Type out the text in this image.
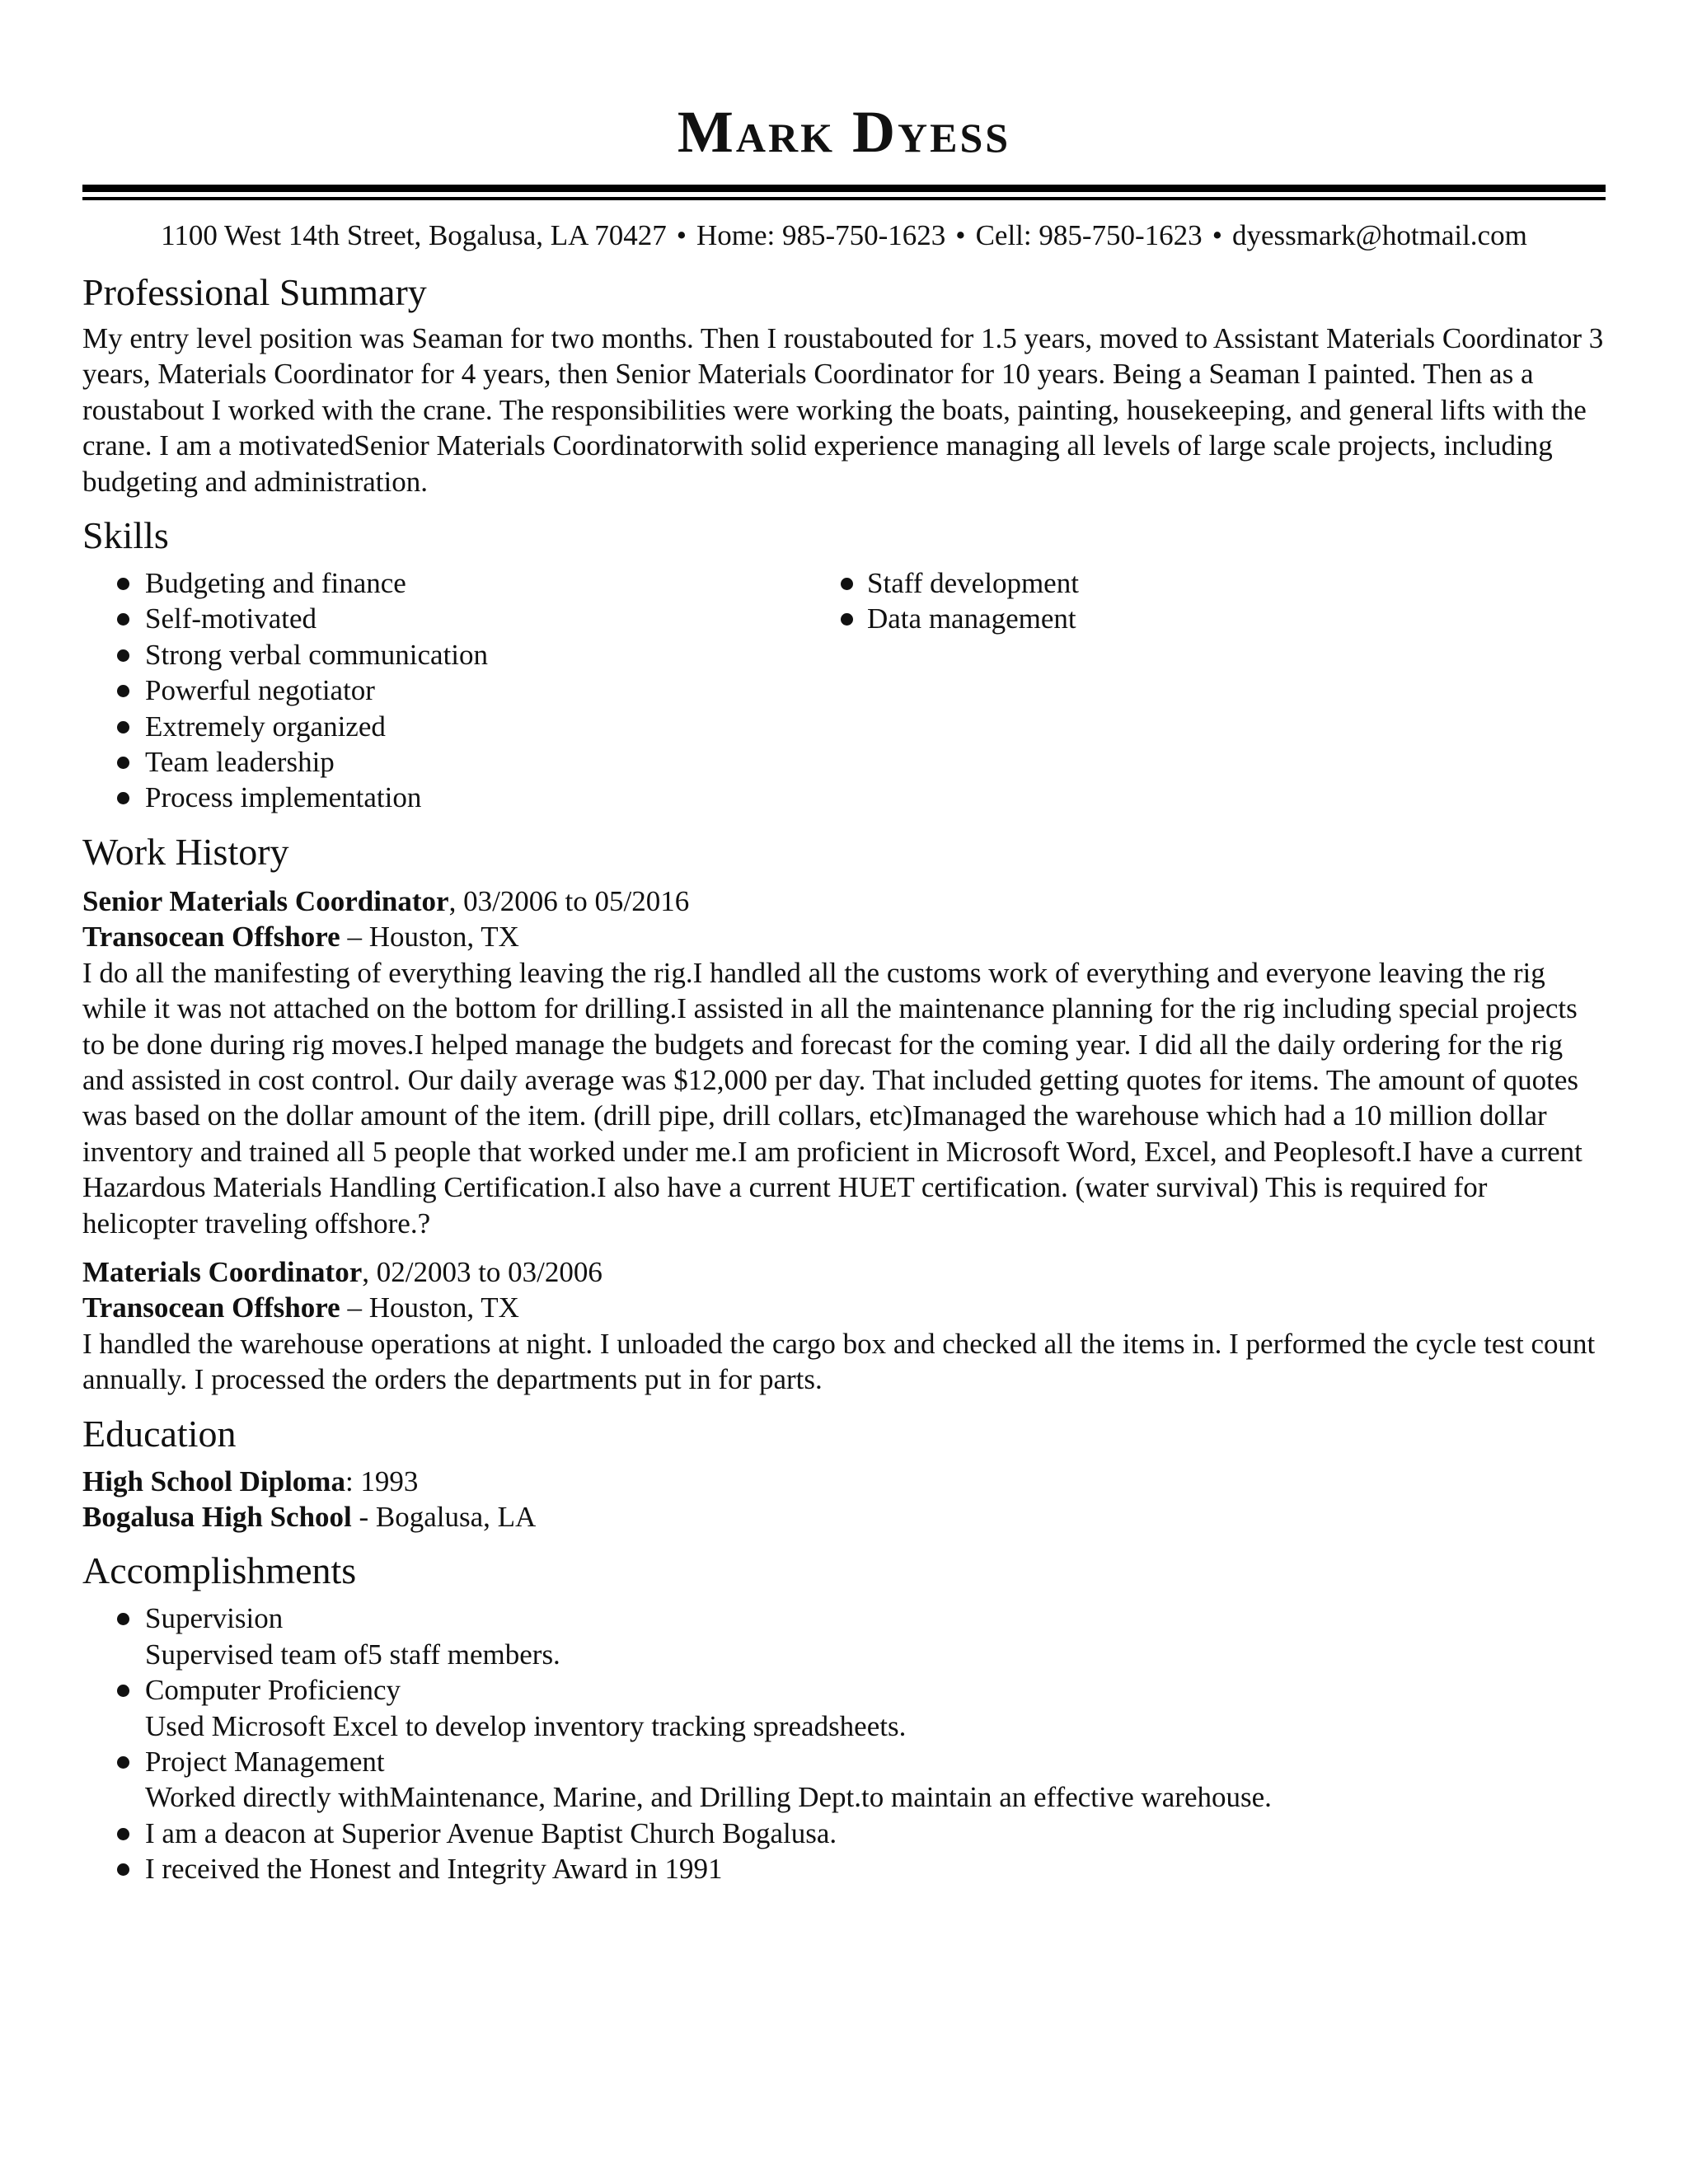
Mark Dyess
1100 West 14th Street, Bogalusa, LA 70427 • Home: 985-750-1623 • Cell: 985-750-1623 • dyessmark@hotmail.com
Professional Summary

My entry level position was Seaman for two months. Then I roustabouted for 1.5 years, moved to Assistant Materials Coordinator 3 years, Materials Coordinator for 4 years, then Senior Materials Coordinator for 10 years. Being a Seaman I painted. Then as a roustabout I worked with the crane. The responsibilities were working the boats, painting, housekeeping, and general lifts with the crane. I am a motivatedSenior Materials Coordinatorwith solid experience managing all levels of large scale projects, including budgeting and administration.

Skills
Budgeting and finance
Self-motivated
Strong verbal communication
Powerful negotiator
Extremely organized
Team leadership
Process implementation
Staff development
Data management
Work History
Senior Materials Coordinator, 03/2006 to 05/2016
Transocean Offshore – Houston, TX

I do all the manifesting of everything leaving the rig.I handled all the customs work of everything and everyone leaving the rig while it was not attached on the bottom for drilling.I assisted in all the maintenance planning for the rig including special projects to be done during rig moves.I helped manage the budgets and forecast for the coming year. I did all the daily ordering for the rig and assisted in cost control. Our daily average was $12,000 per day. That included getting quotes for items. The amount of quotes was based on the dollar amount of the item. (drill pipe, drill collars, etc)Imanaged the warehouse which had a 10 million dollar inventory and trained all 5 people that worked under me.I am proficient in Microsoft Word, Excel, and Peoplesoft.I have a current Hazardous Materials Handling Certification.I also have a current HUET certification. (water survival) This is required for helicopter traveling offshore.?

Materials Coordinator, 02/2003 to 03/2006
Transocean Offshore – Houston, TX

I handled the warehouse operations at night. I unloaded the cargo box and checked all the items in. I performed the cycle test count annually. I processed the orders the departments put in for parts.

Education
High School Diploma: 1993
Bogalusa High School - Bogalusa, LA
Accomplishments
Supervision
Supervised team of5 staff members.
Computer Proficiency
Used Microsoft Excel to develop inventory tracking spreadsheets.
Project Management
Worked directly withMaintenance, Marine, and Drilling Dept.to maintain an effective warehouse.
I am a deacon at Superior Avenue Baptist Church Bogalusa.
I received the Honest and Integrity Award in 1991
